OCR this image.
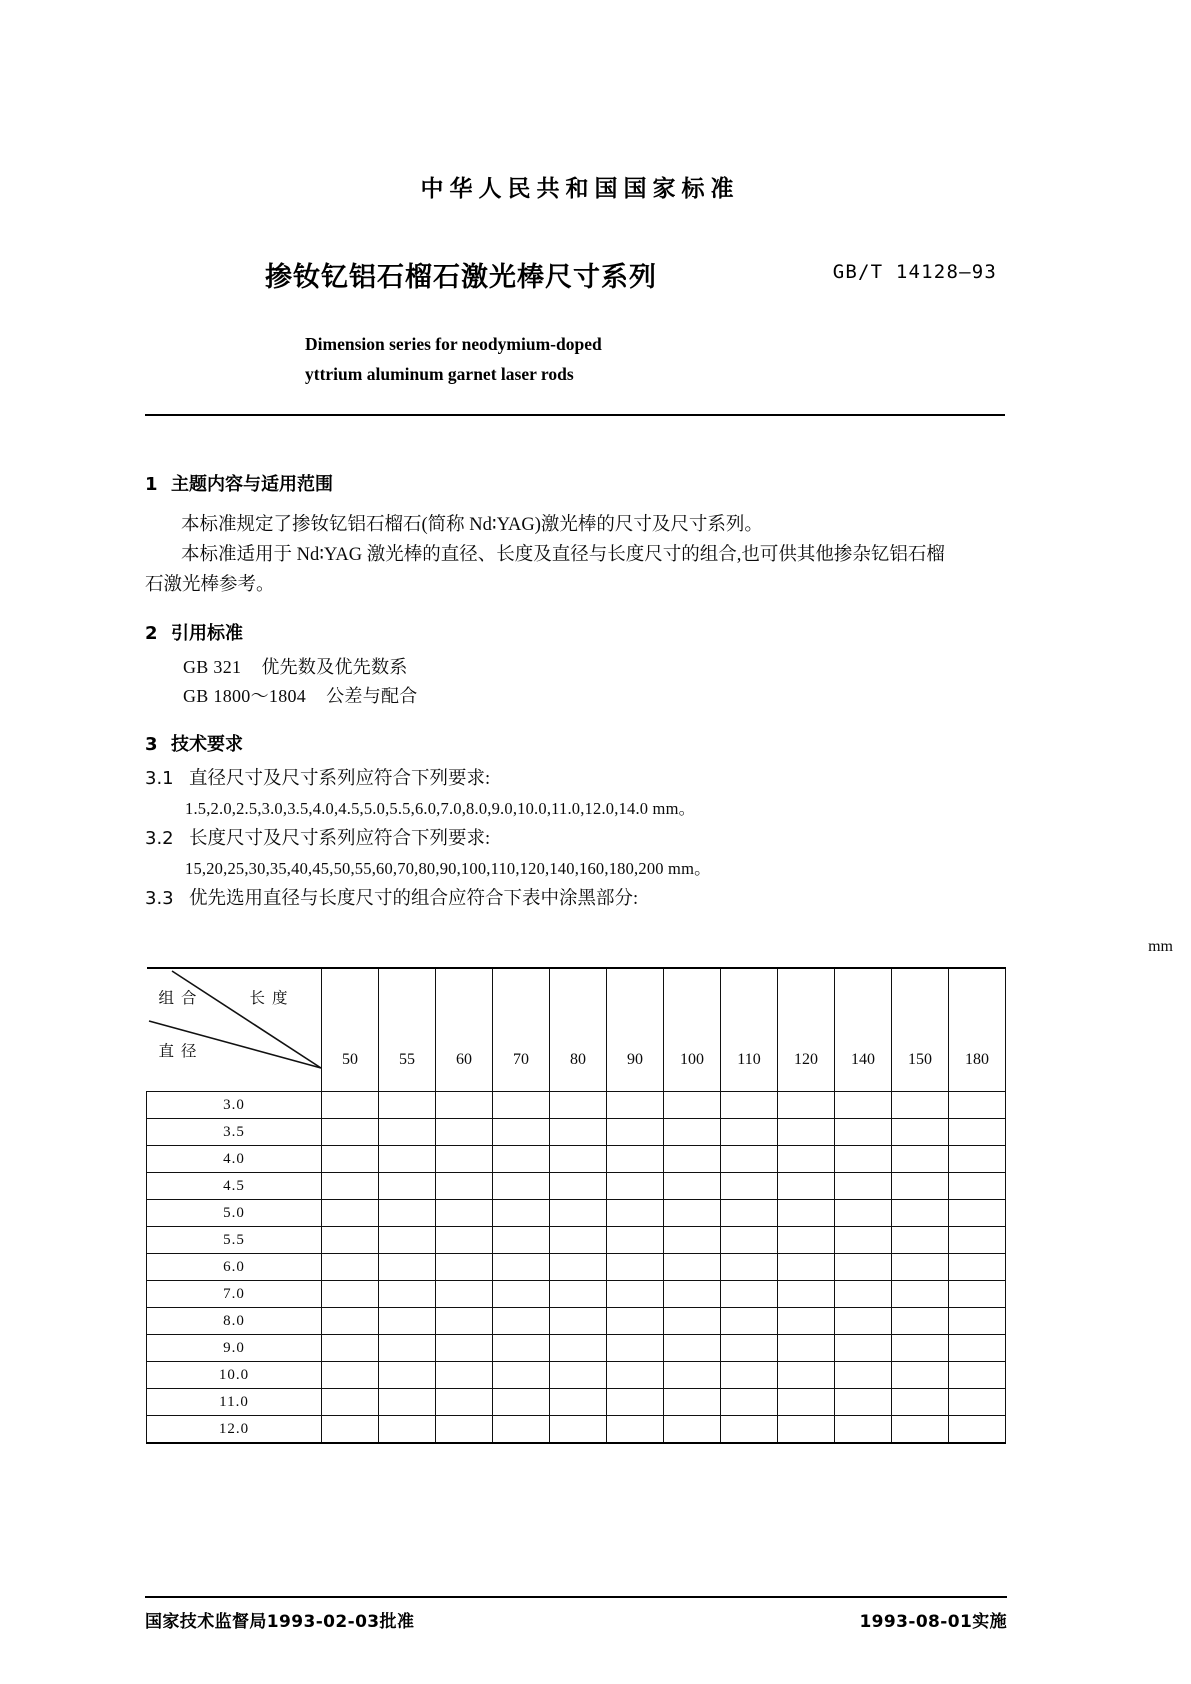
中华人民共和国国家标准
掺钕钇铝石榴石激光棒尺寸系列	GB/T 14128—93
Dimension series for neodymium-doped
yttrium aluminum garnet laser rods
1 主题内容与适用范围

本标准规定了掺钕钇铝石榴石(简称 Nd∶YAG)激光棒的尺寸及尺寸系列。

本标准适用于 Nd∶YAG 激光棒的直径、长度及直径与长度尺寸的组合,也可供其他掺杂钇铝石榴

石激光棒参考。

2 引用标准

GB 321 优先数及优先数系

GB 1800～1804 公差与配合

3 技术要求

3.1 直径尺寸及尺寸系列应符合下列要求:

1.5,2.0,2.5,3.0,3.5,4.0,4.5,5.0,5.5,6.0,7.0,8.0,9.0,10.0,11.0,12.0,14.0 mm。

3.2 长度尺寸及尺寸系列应符合下列要求:

15,20,25,30,35,40,45,50,55,60,70,80,90,100,110,120,140,160,180,200 mm。

3.3 优先选用直径与长度尺寸的组合应符合下表中涂黑部分:

mm
组合 长度
直径	50	55	60	70	80	90	100	110	120	140	150	180
3.0												
3.5												
4.0												
4.5												
5.0												
5.5												
6.0												
7.0												
8.0												
9.0												
10.0												
11.0												
12.0												
国家技术监督局1993-02-03批准	1993-08-01实施
